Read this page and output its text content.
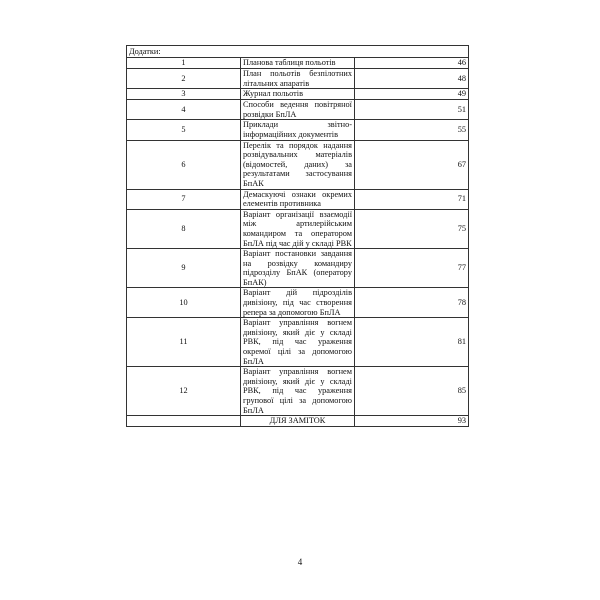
Додатки:		
1	Планова таблиця польотів	46
2	План польотів безпілотних літальних апаратів	48
3	Журнал польотів	49
4	Способи ведення повітряної розвідки БпЛА	51
5	Приклади звітно-інформаційних документів	55
6	Перелік та порядок надання розвідувальних матеріалів (відомостей, даних) за результатами застосування БпАК	67
7	Демаскуючі ознаки окремих елементів противника	71
8	Варіант організації взаємодії між артилерійським командиром та оператором БпЛА під час дій у складі РВК	75
9	Варіант постановки завдання на розвідку командиру підрозділу БпАК (оператору БпАК)	77
10	Варіант дій підрозділів дивізіону, під час створення репера за допомогою БпЛА	78
11	Варіант управління вогнем дивізіону, який діє у складі РВК, під час ураження окремої цілі за допомогою БпЛА	81
12	Варіант управління вогнем дивізіону, який діє у складі РВК, під час ураження групової цілі за допомогою БпЛА	85
	ДЛЯ ЗАМІТОК	93
4
